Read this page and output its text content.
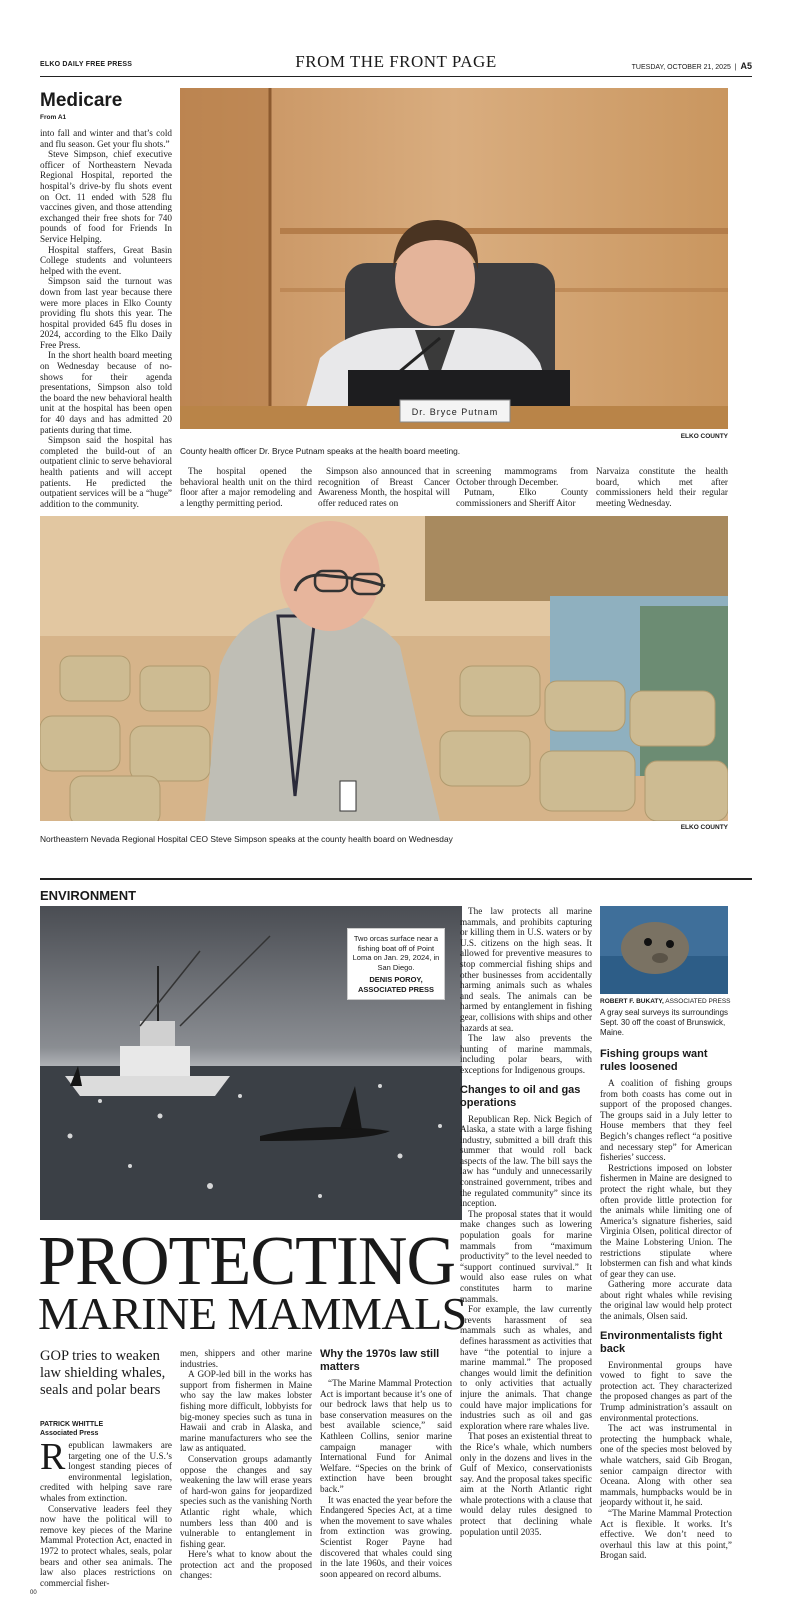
ELKO DAILY FREE PRESS	FROM THE FRONT PAGE	TUESDAY, OCTOBER 21, 2025  |  A5
Medicare
From A1

into fall and winter and that’s cold and flu season. Get your flu shots.”

Steve Simpson, chief executive officer of Northeastern Nevada Regional Hospital, reported the hospital’s drive-by flu shots event on Oct. 11 ended with 528 flu vaccines given, and those attending exchanged their free shots for 740 pounds of food for Friends In Service Helping.

Hospital staffers, Great Basin College students and volunteers helped with the event.

Simpson said the turnout was down from last year because there were more places in Elko County providing flu shots this year. The hospital provided 645 flu doses in 2024, according to the Elko Daily Free Press.

In the short health board meeting on Wednesday because of no-shows for their agenda presentations, Simpson also told the board the new behavioral health unit at the hospital has been open for 40 days and has admitted 20 patients during that time.

Simpson said the hospital has completed the build-out of an outpatient clinic to serve behavioral health patients and will accept patients. He predicted the outpatient services will be a “huge” addition to the community.

Dr. Bryce Putnam
ELKO COUNTY
County health officer Dr. Bryce Putnam speaks at the health board meeting.

The hospital opened the behavioral health unit on the third floor after a major remodeling and a lengthy permitting period.

Simpson also announced that in recognition of Breast Cancer Awareness Month, the hospital will offer reduced rates on

screening mammograms from October through December.

Putnam, Elko County commissioners and Sheriff Aitor

Narvaiza constitute the health board, which met after commissioners held their regular meeting Wednesday.

ELKO COUNTY
Northeastern Nevada Regional Hospital CEO Steve Simpson speaks at the county health board on Wednesday
ENVIRONMENT
Two orcas surface near a fishing boat off of Point Loma on Jan. 29, 2024, in San Diego.
DENIS POROY, ASSOCIATED PRESS
PROTECTING
MARINE MAMMALS
GOP tries to weaken law shielding whales, seals and polar bears
PATRICK WHITTLE
Associated Press

Republican lawmakers are targeting one of the U.S.’s longest standing pieces of environmental legislation, credited with helping save rare whales from extinction.

Conservative leaders feel they now have the political will to remove key pieces of the Marine Mammal Protection Act, enacted in 1972 to protect whales, seals, polar bears and other sea animals. The law also places restrictions on commercial fisher-

00

men, shippers and other marine industries.

A GOP-led bill in the works has support from fishermen in Maine who say the law makes lobster fishing more difficult, lobbyists for big-money species such as tuna in Hawaii and crab in Alaska, and marine manufacturers who see the law as antiquated.

Conservation groups adamantly oppose the changes and say weakening the law will erase years of hard-won gains for jeopardized species such as the vanishing North Atlantic right whale, which numbers less than 400 and is vulnerable to entanglement in fishing gear.

Here’s what to know about the protection act and the proposed changes:

Why the 1970s law still matters

“The Marine Mammal Protection Act is important because it’s one of our bedrock laws that help us to base conservation measures on the best available science,” said Kathleen Collins, senior marine campaign manager with International Fund for Animal Welfare. “Species on the brink of extinction have been brought back.”

It was enacted the year before the Endangered Species Act, at a time when the movement to save whales from extinction was growing. Scientist Roger Payne had discovered that whales could sing in the late 1960s, and their voices soon appeared on record albums.

The law protects all marine mammals, and prohibits capturing or killing them in U.S. waters or by U.S. citizens on the high seas. It allowed for preventive measures to stop commercial fishing ships and other businesses from accidentally harming animals such as whales and seals. The animals can be harmed by entanglement in fishing gear, collisions with ships and other hazards at sea.

The law also prevents the hunting of marine mammals, including polar bears, with exceptions for Indigenous groups.

Changes to oil and gas operations

Republican Rep. Nick Begich of Alaska, a state with a large fishing industry, submitted a bill draft this summer that would roll back aspects of the law. The bill says the law has “unduly and unnecessarily constrained government, tribes and the regulated community” since its inception.

The proposal states that it would make changes such as lowering population goals for marine mammals from “maximum productivity” to the level needed to “support continued survival.” It would also ease rules on what constitutes harm to marine mammals.

For example, the law currently prevents harassment of sea mammals such as whales, and defines harassment as activities that have “the potential to injure a marine mammal.” The proposed changes would limit the definition to only activities that actually injure the animals. That change could have major implications for industries such as oil and gas exploration where rare whales live.

That poses an existential threat to the Rice’s whale, which numbers only in the dozens and lives in the Gulf of Mexico, conservationists say. And the proposal takes specific aim at the North Atlantic right whale protections with a clause that would delay rules designed to protect that declining whale population until 2035.

ROBERT F. BUKATY, ASSOCIATED PRESS
A gray seal surveys its surroundings Sept. 30 off the coast of Brunswick, Maine.
Fishing groups want rules loosened

A coalition of fishing groups from both coasts has come out in support of the proposed changes. The groups said in a July letter to House members that they feel Begich’s changes reflect “a positive and necessary step” for American fisheries’ success.

Restrictions imposed on lobster fishermen in Maine are designed to protect the right whale, but they often provide little protection for the animals while limiting one of America’s signature fisheries, said Virginia Olsen, political director of the Maine Lobstering Union. The restrictions stipulate where lobstermen can fish and what kinds of gear they can use.

Gathering more accurate data about right whales while revising the original law would help protect the animals, Olsen said.

Environmentalists fight back

Environmental groups have vowed to fight to save the protection act. They characterized the proposed changes as part of the Trump administration’s assault on environmental protections.

The act was instrumental in protecting the humpback whale, one of the species most beloved by whale watchers, said Gib Brogan, senior campaign director with Oceana. Along with other sea mammals, humpbacks would be in jeopardy without it, he said.

“The Marine Mammal Protection Act is flexible. It works. It’s effective. We don’t need to overhaul this law at this point,” Brogan said.
